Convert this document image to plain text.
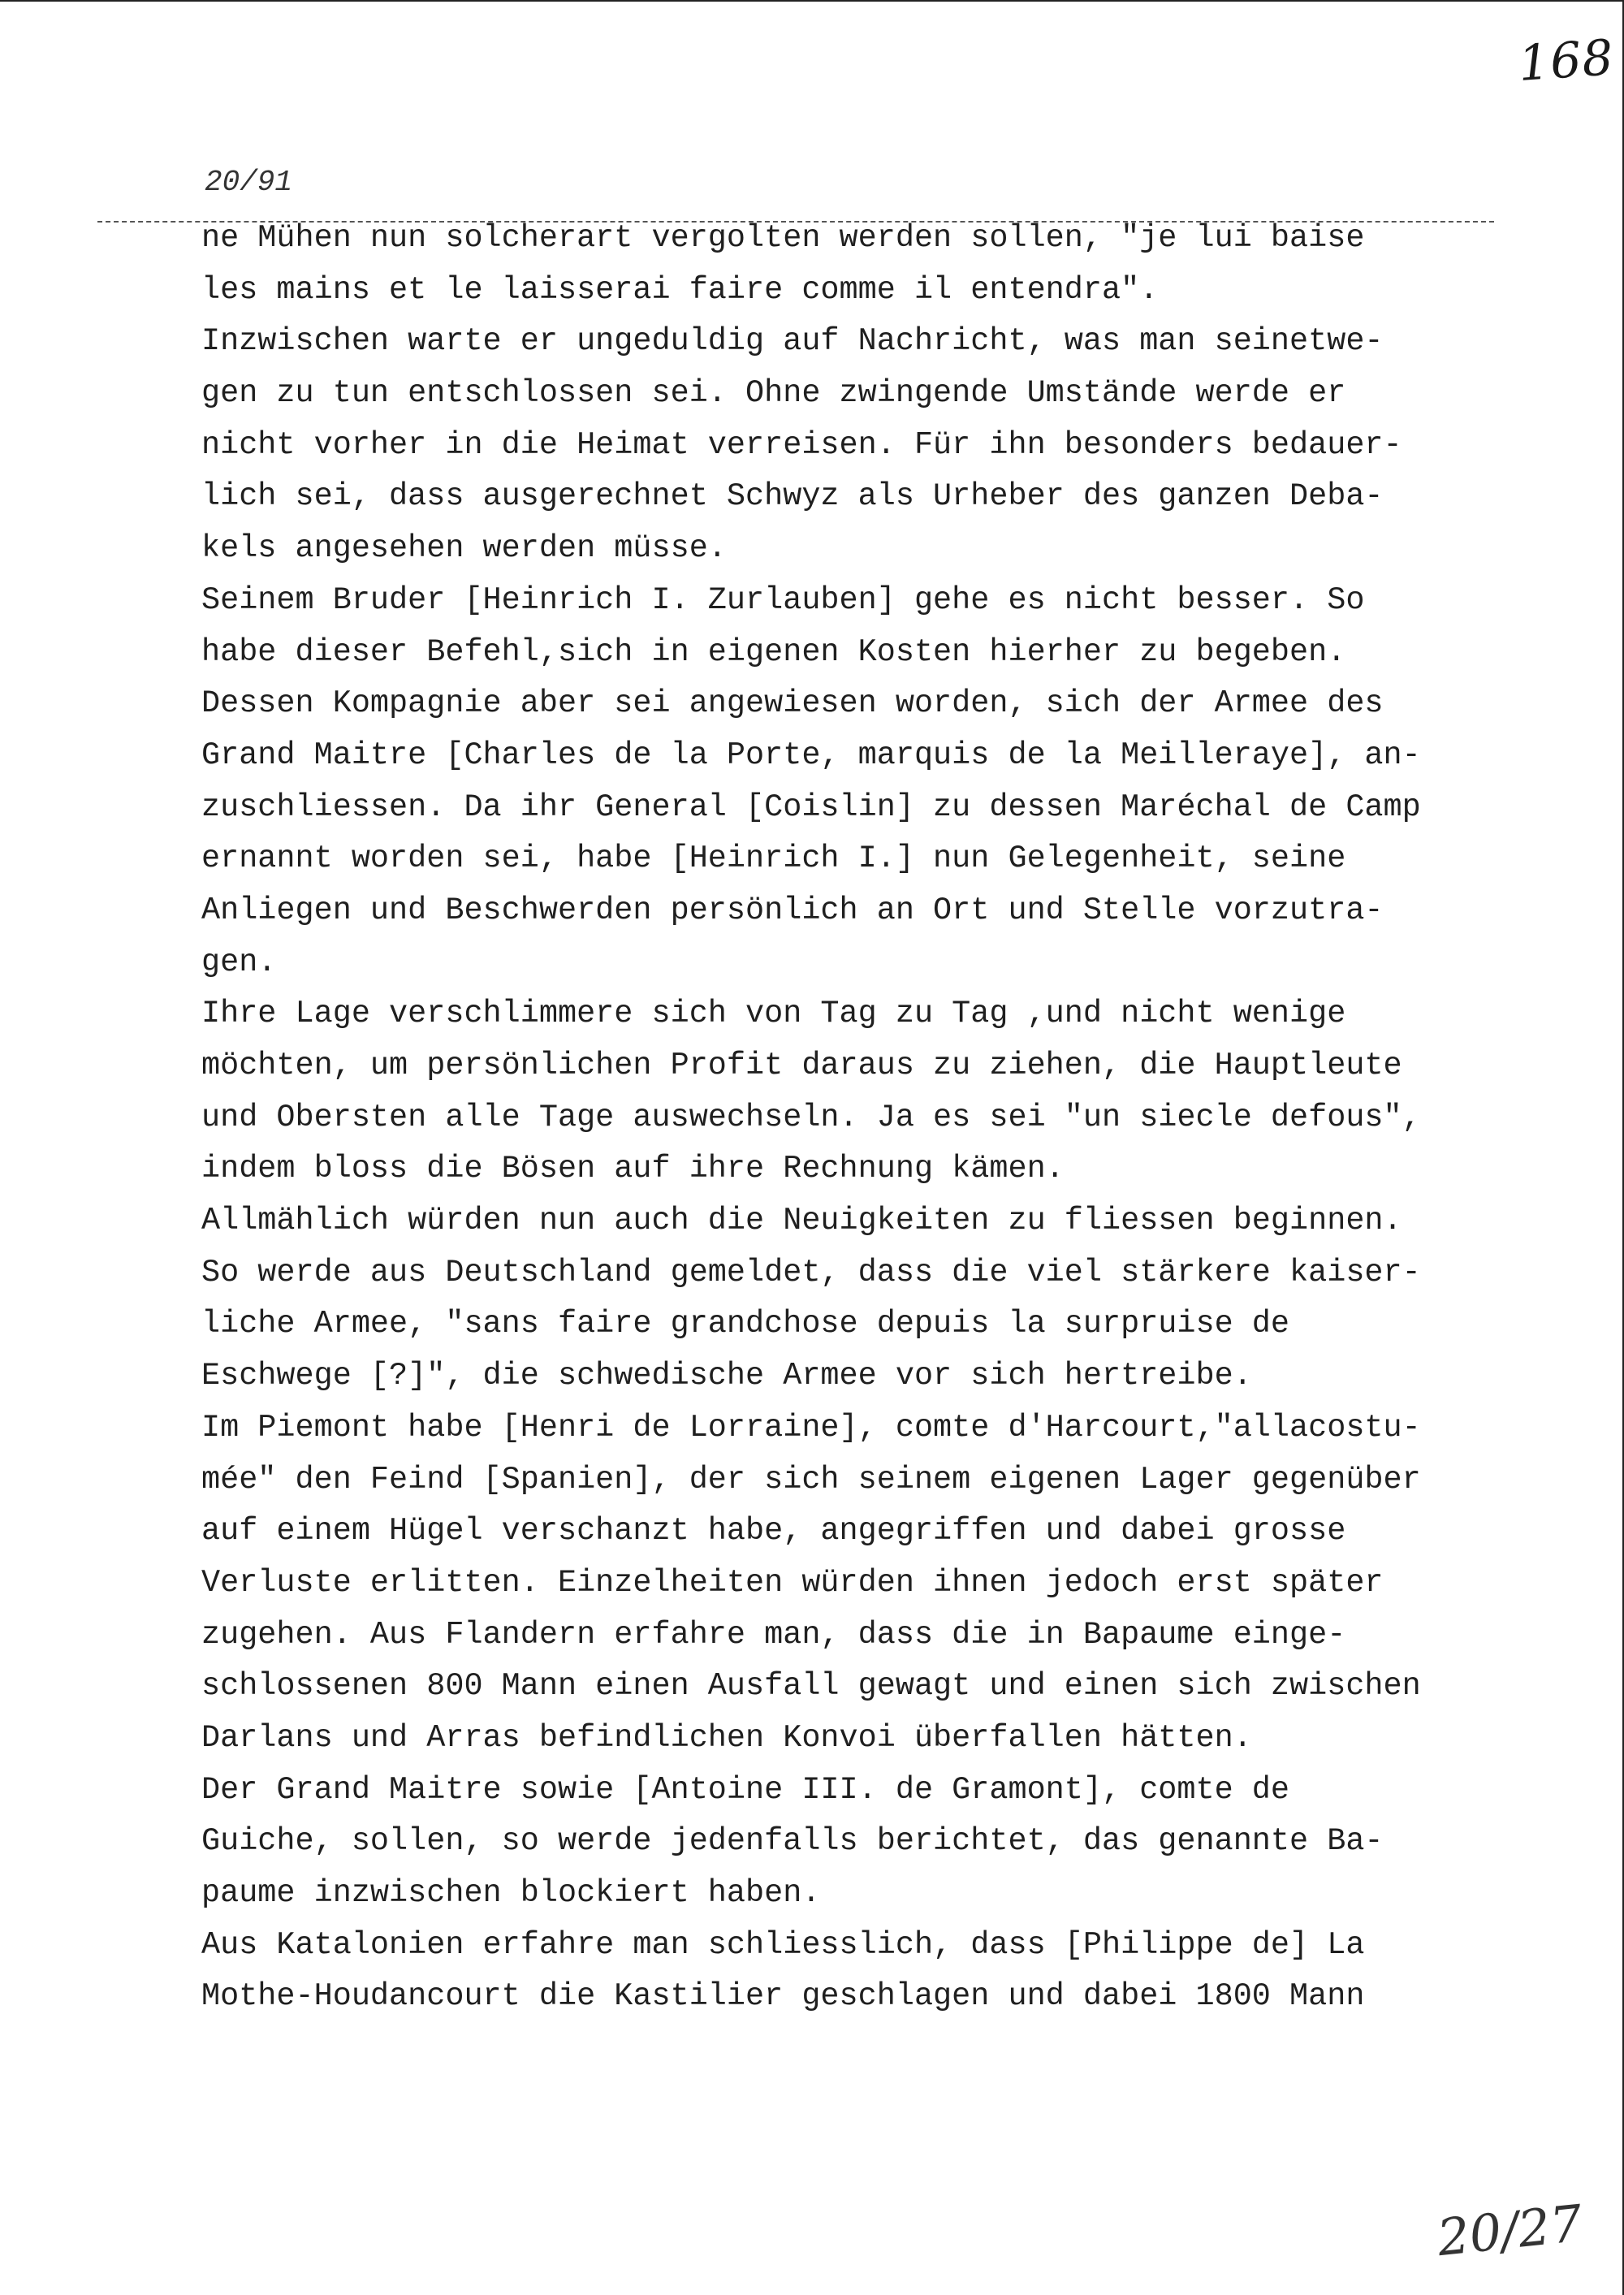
168
20/91
ne Mühen nun solcherart vergolten werden sollen, "je lui baise
les mains et le laisserai faire comme il entendra".
Inzwischen warte er ungeduldig auf Nachricht, was man seinetwe-
gen zu tun entschlossen sei. Ohne zwingende Umstände werde er
nicht vorher in die Heimat verreisen. Für ihn besonders bedauer-
lich sei, dass ausgerechnet Schwyz als Urheber des ganzen Deba-
kels angesehen werden müsse.
Seinem Bruder [Heinrich I. Zurlauben] gehe es nicht besser. So
habe dieser Befehl,sich in eigenen Kosten hierher zu begeben.
Dessen Kompagnie aber sei angewiesen worden, sich der Armee des
Grand Maitre [Charles de la Porte, marquis de la Meilleraye], an-
zuschliessen. Da ihr General [Coislin] zu dessen Maréchal de Camp
ernannt worden sei, habe [Heinrich I.] nun Gelegenheit, seine
Anliegen und Beschwerden persönlich an Ort und Stelle vorzutra-
gen.
Ihre Lage verschlimmere sich von Tag zu Tag ,und nicht wenige
möchten, um persönlichen Profit daraus zu ziehen, die Hauptleute
und Obersten alle Tage auswechseln. Ja es sei "un siecle defous",
indem bloss die Bösen auf ihre Rechnung kämen.
Allmählich würden nun auch die Neuigkeiten zu fliessen beginnen.
So werde aus Deutschland gemeldet, dass die viel stärkere kaiser-
liche Armee, "sans faire grandchose depuis la surpruise de
Eschwege [?]", die schwedische Armee vor sich hertreibe.
Im Piemont habe [Henri de Lorraine], comte d'Harcourt,"allacostu-
mée" den Feind [Spanien], der sich seinem eigenen Lager gegenüber
auf einem Hügel verschanzt habe, angegriffen und dabei grosse
Verluste erlitten. Einzelheiten würden ihnen jedoch erst später
zugehen. Aus Flandern erfahre man, dass die in Bapaume einge-
schlossenen 800 Mann einen Ausfall gewagt und einen sich zwischen
Darlans und Arras befindlichen Konvoi überfallen hätten.
Der Grand Maitre sowie [Antoine III. de Gramont], comte de
Guiche, sollen, so werde jedenfalls berichtet, das genannte Ba-
paume inzwischen blockiert haben.
Aus Katalonien erfahre man schliesslich, dass [Philippe de] La
Mothe-Houdancourt die Kastilier geschlagen und dabei 1800 Mann
20/27
